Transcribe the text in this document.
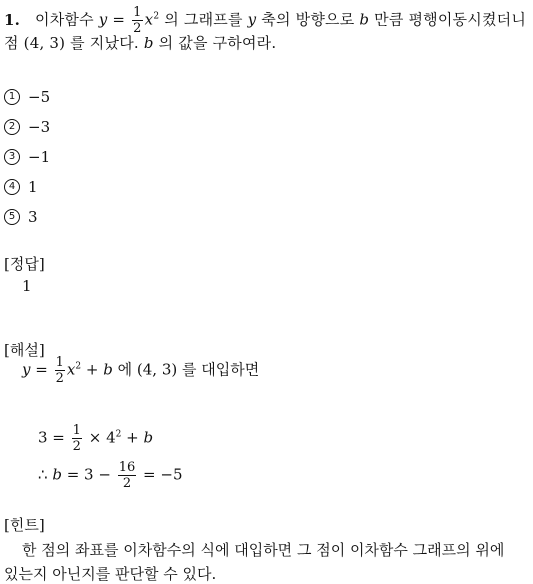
1. 이차함수 $y = \frac{1}{2} x^2$ 의 그래프를 y 축의 방향으로 b 만큼 평행이동시켰더니
점 (4, 3) 를 지났다. b 의 값을 구하여라.
1 −5
2 −3
3 −1
4 1
5 3
[정답]
1
[해설]
$y = \frac{1}{2} x^2 + b$ 에 (4, 3) 를 대입하면
$3 = \frac{1}{2} \times 4^2 + b$
∴ $b = 3 - \frac{16}{2} = -5$
[힌트]
한 점의 좌표를 이차함수의 식에 대입하면 그 점이 이차함수 그래프의 위에
있는지 아닌지를 판단할 수 있다.
